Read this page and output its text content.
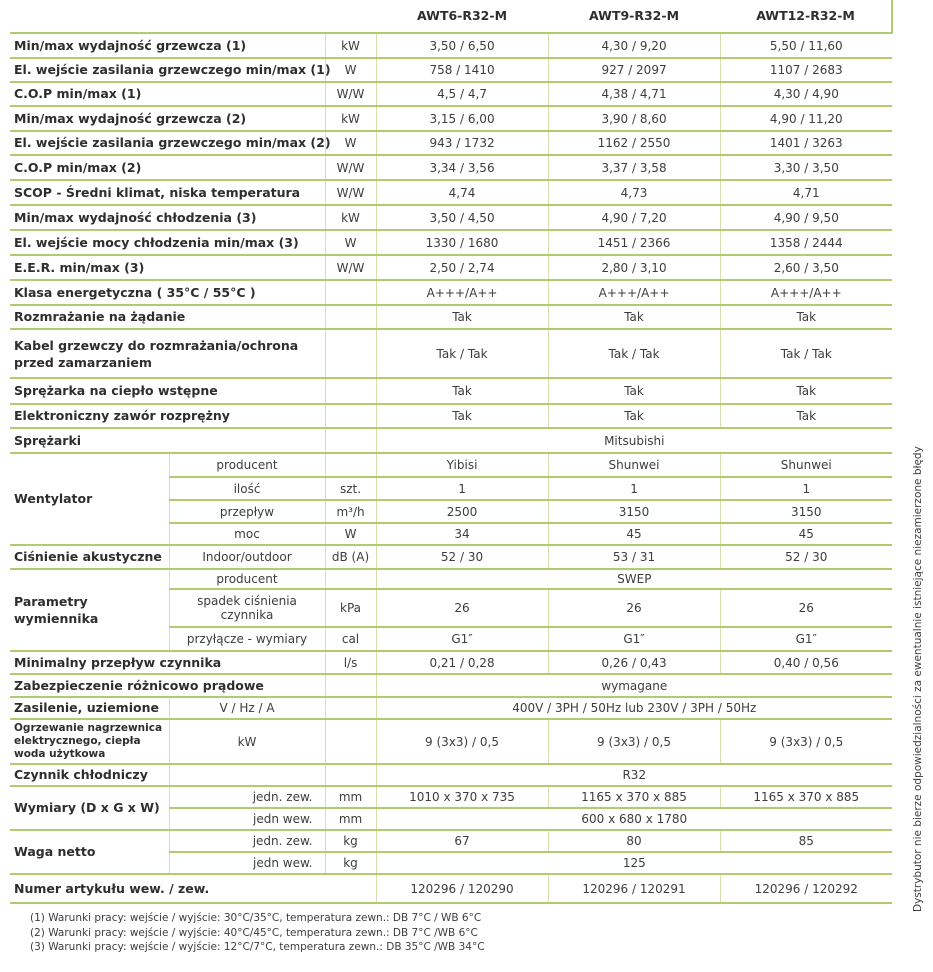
			AWT6-R32-M	AWT9-R32-M	AWT12-R32-M
Min/max wydajność grzewcza (1)		kW	3,50 / 6,50	4,30 / 9,20	5,50 / 11,60
El. wejście zasilania grzewczego min/max (1)		W	758 / 1410	927 / 2097	1107 / 2683
C.O.P min/max (1)		W/W	4,5 / 4,7	4,38 / 4,71	4,30 / 4,90
Min/max wydajność grzewcza (2)		kW	3,15 / 6,00	3,90 / 8,60	4,90 / 11,20
El. wejście zasilania grzewczego min/max (2)		W	943 / 1732	1162 / 2550	1401 / 3263
C.O.P min/max (2)		W/W	3,34 / 3,56	3,37 / 3,58	3,30 / 3,50
SCOP - Średni klimat, niska temperatura		W/W	4,74	4,73	4,71
Min/max wydajność chłodzenia (3)		kW	3,50 / 4,50	4,90 / 7,20	4,90 / 9,50
El. wejście mocy chłodzenia min/max (3)		W	1330 / 1680	1451 / 2366	1358 / 2444
E.E.R. min/max (3)		W/W	2,50 / 2,74	2,80 / 3,10	2,60 / 3,50
Klasa energetyczna ( 35°C / 55°C )			A+++/A++	A+++/A++	A+++/A++
Rozmrażanie na żądanie			Tak	Tak	Tak
Kabel grzewczy do rozmrażania/ochrona przed zamarzaniem			Tak / Tak	Tak / Tak	Tak / Tak
Sprężarka na ciepło wstępne			Tak	Tak	Tak
Elektroniczny zawór rozprężny			Tak	Tak	Tak
Sprężarki			Mitsubishi		
Wentylator	producent		Yibisi	Shunwei	Shunwei
	ilość	szt.	1	1	1
	przepływ	m³/h	2500	3150	3150
	moc	W	34	45	45
Ciśnienie akustyczne	Indoor/outdoor	dB (A)	52 / 30	53 / 31	52 / 30
Parametry wymiennika	producent		SWEP		
	spadek ciśnienia czynnika	kPa	26	26	26
	przyłącze - wymiary	cal	G1″	G1″	G1″
Minimalny przepływ czynnika		l/s	0,21 / 0,28	0,26 / 0,43	0,40 / 0,56
Zabezpieczenie różnicowo prądowe			wymagane		
Zasilenie, uziemione	V / Hz / A		400V / 3PH / 50Hz lub 230V / 3PH / 50Hz		
Ogrzewanie nagrzewnica elektrycznego, ciepła woda użytkowa	kW		9 (3x3) / 0,5	9 (3x3) / 0,5	9 (3x3) / 0,5
Czynnik chłodniczy			R32		
Wymiary (D x G x W)	jedn. zew.	mm	1010 x 370 x 735	1165 x 370 x 885	1165 x 370 x 885
	jedn wew.	mm	600 x 680 x 1780		
Waga netto	jedn. zew.	kg	67	80	85
	jedn wew.	kg	125		
Numer artykułu wew. / zew.			120296 / 120290	120296 / 120291	120296 / 120292
(1) Warunki pracy: wejście / wyjście: 30°C/35°C, temperatura zewn.: DB 7°C / WB 6°C
(2) Warunki pracy: wejście / wyjście: 40°C/45°C, temperatura zewn.: DB 7°C /WB 6°C
(3) Warunki pracy: wejście / wyjście: 12°C/7°C, temperatura zewn.: DB 35°C /WB 34°C
Dystrybutor nie bierze odpowiedzialności za ewentualnie istniejące niezamierzone błędy
